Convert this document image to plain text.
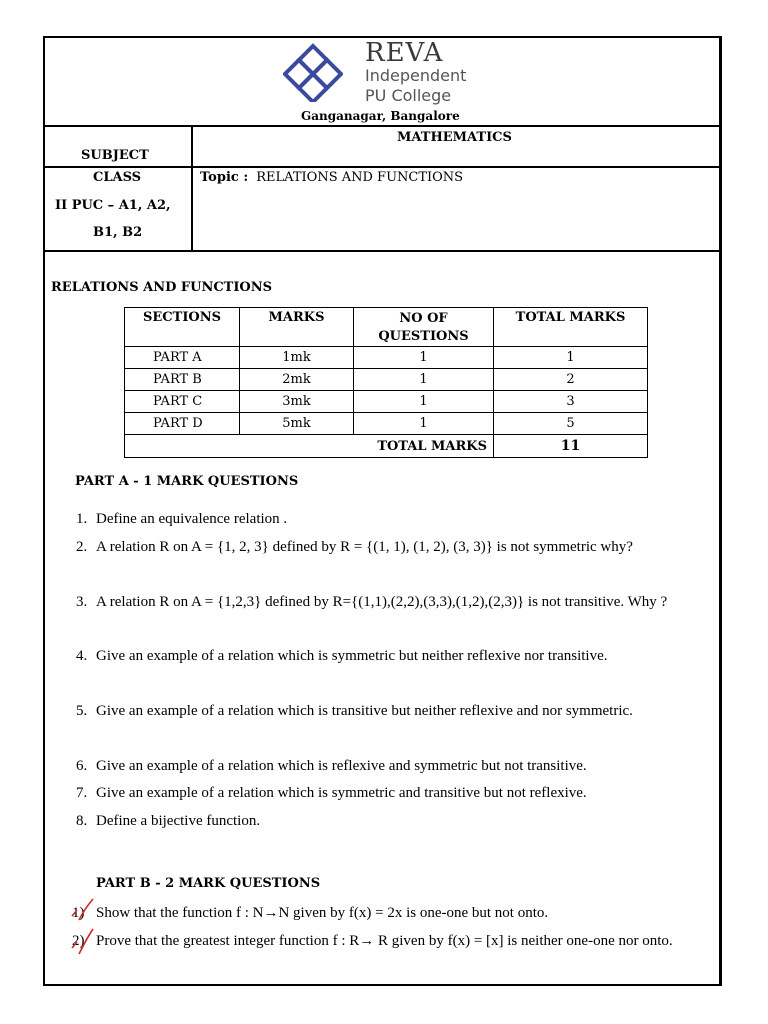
REVA
Independent
PU College
Ganganagar, Bangalore
SUBJECT
MATHEMATICS
CLASS
II PUC – A1, A2,
B1, B2
Topic : RELATIONS AND FUNCTIONS
RELATIONS AND FUNCTIONS
SECTIONS	MARKS	NO OF QUESTIONS	TOTAL MARKS
PART A	1mk	1	1
PART B	2mk	1	2
PART C	3mk	1	3
PART D	5mk	1	5
TOTAL MARKS			11
PART A - 1 MARK QUESTIONS
1. Define an equivalence relation .
2. A relation R on A = {1, 2, 3} defined by R = {(1, 1), (1, 2), (3, 3)} is not symmetric why?
3. A relation R on A = {1,2,3} defined by R={(1,1),(2,2),(3,3),(1,2),(2,3)} is not transitive. Why ?
4. Give an example of a relation which is symmetric but neither reflexive nor transitive.
5. Give an example of a relation which is transitive but neither reflexive and nor symmetric.
6. Give an example of a relation which is reflexive and symmetric but not transitive.
7. Give an example of a relation which is symmetric and transitive but not reflexive.
8. Define a bijective function.
PART B - 2 MARK QUESTIONS
1) Show that the function f : N→N given by f(x) = 2x is one-one but not onto.
2) Prove that the greatest integer function f : R→ R given by f(x) = [x] is neither one-one nor onto.
